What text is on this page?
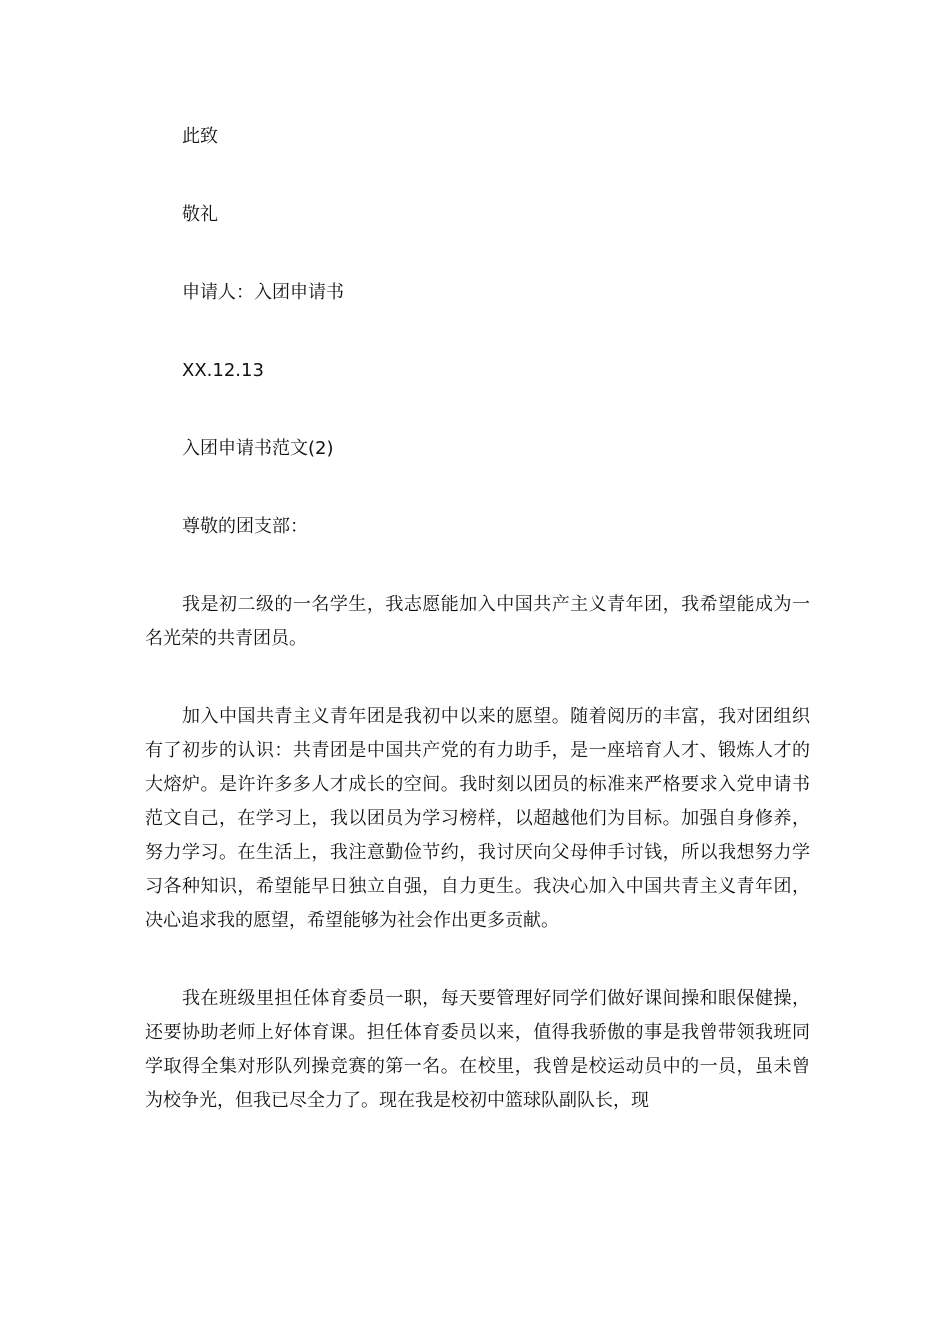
此致

敬礼

申请人：入团申请书

XX.12.13

入团申请书范文(2)

尊敬的团支部：

我是初二级的一名学生，我志愿能加入中国共产主义青年团，我希望能成为一名光荣的共青团员。

加入中国共青主义青年团是我初中以来的愿望。随着阅历的丰富，我对团组织有了初步的认识：共青团是中国共产党的有力助手，是一座培育人才、锻炼人才的大熔炉。是许许多多人才成长的空间。我时刻以团员的标准来严格要求入党申请书范文自己，在学习上，我以团员为学习榜样，以超越他们为目标。加强自身修养，努力学习。在生活上，我注意勤俭节约，我讨厌向父母伸手讨钱，所以我想努力学习各种知识，希望能早日独立自强，自力更生。我决心加入中国共青主义青年团，决心追求我的愿望，希望能够为社会作出更多贡献。

我在班级里担任体育委员一职，每天要管理好同学们做好课间操和眼保健操，还要协助老师上好体育课。担任体育委员以来，值得我骄傲的事是我曾带领我班同学取得全集对形队列操竞赛的第一名。在校里，我曾是校运动员中的一员，虽未曾为校争光，但我已尽全力了。现在我是校初中篮球队副队长，现
